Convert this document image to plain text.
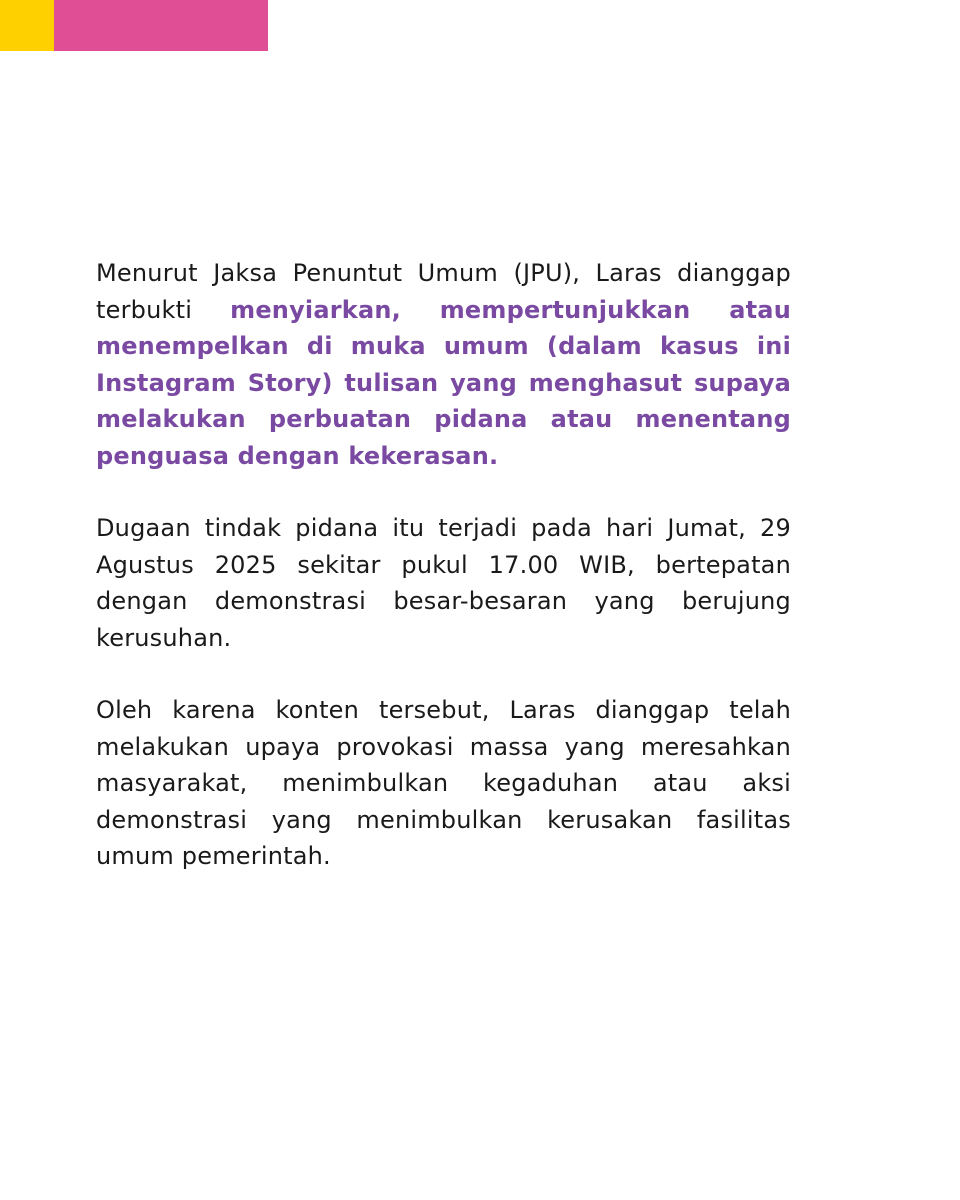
Menurut Jaksa Penuntut Umum (JPU), Laras dianggap terbukti menyiarkan, mempertunjukkan atau menempelkan di muka umum (dalam kasus ini Instagram Story) tulisan yang menghasut supaya melakukan perbuatan pidana atau menentang penguasa dengan kekerasan.

Dugaan tindak pidana itu terjadi pada hari Jumat, 29 Agustus 2025 sekitar pukul 17.00 WIB, bertepatan dengan demonstrasi besar-besaran yang berujung kerusuhan.

Oleh karena konten tersebut, Laras dianggap telah melakukan upaya provokasi massa yang meresahkan masyarakat, menimbulkan kegaduhan atau aksi demonstrasi yang menimbulkan kerusakan fasilitas umum pemerintah.
